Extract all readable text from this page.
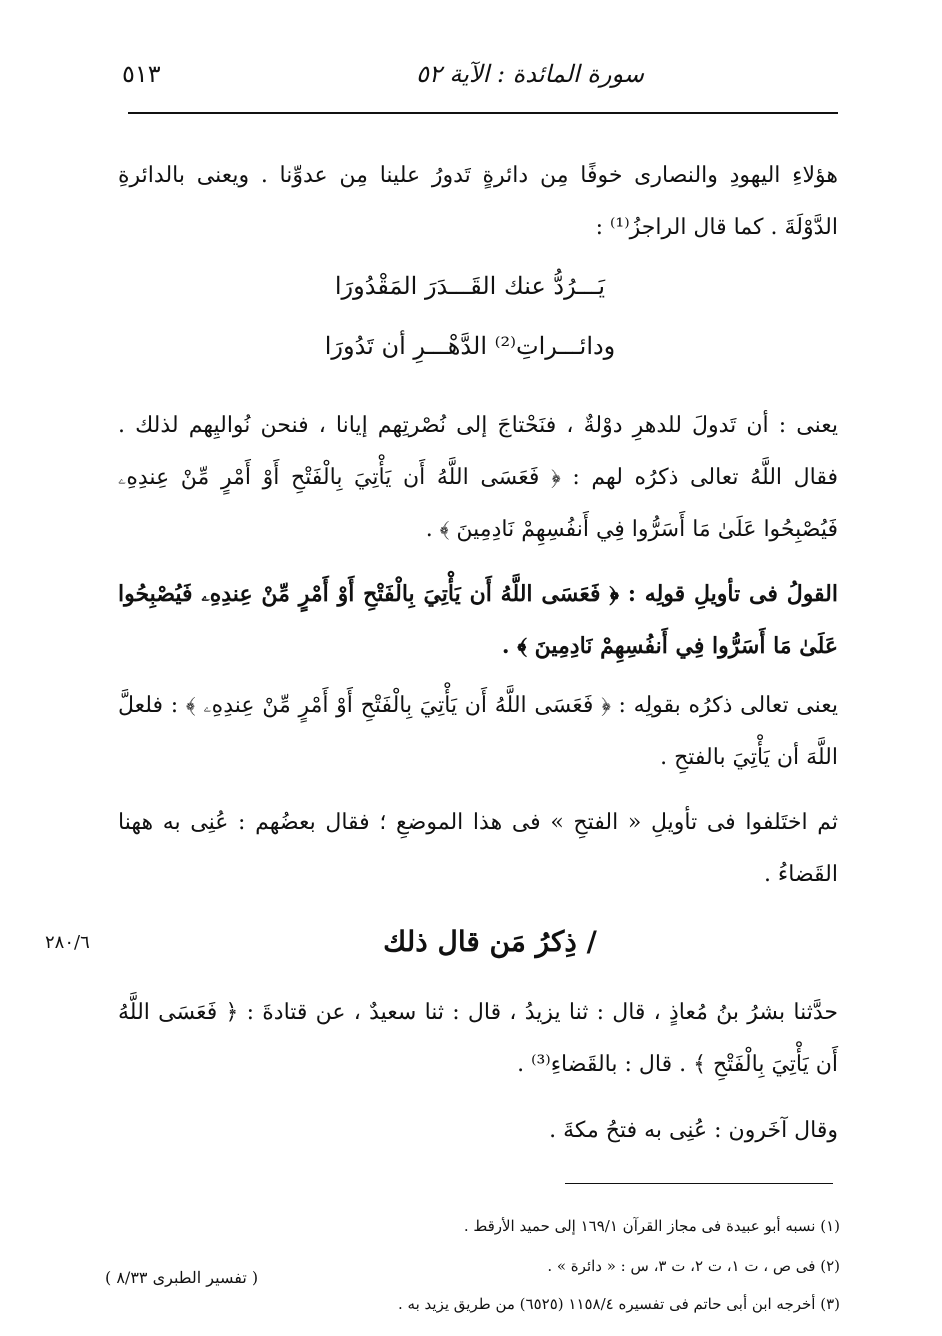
٥١٣	سورة المائدة : الآية ٥٢
هؤلاءِ اليهودِ والنصارى خوفًا مِن دائرةٍ تَدورُ علينا مِن عدوِّنا . ويعنى بالدائرةِ الدَّوْلَةَ . كما قال الراجزُ⁽¹⁾ :
يَـــرُدُّ عنك القَـــدَرَ المَقْدُورَا
ودائـــراتِ⁽²⁾ الدَّهْـــرِ أن تَدُورَا
يعنى : أن تَدولَ للدهرِ دوْلةٌ ، فنَحْتاجَ إلى نُصْرتِهم إيانا ، فنحن نُواليِهم لذلك . فقال اللَّهُ تعالى ذكرُه لهم : ﴿ فَعَسَى اللَّهُ أَن يَأْتِيَ بِالْفَتْحِ أَوْ أَمْرٍ مِّنْ عِندِهِۦ فَيُصْبِحُوا عَلَىٰ مَا أَسَرُّوا فِي أَنفُسِهِمْ نَادِمِينَ ﴾ .
القولُ فى تأويلِ قولِه : ﴿ فَعَسَى اللَّهُ أَن يَأْتِيَ بِالْفَتْحِ أَوْ أَمْرٍ مِّنْ عِندِهِۦ فَيُصْبِحُوا عَلَىٰ مَا أَسَرُّوا فِي أَنفُسِهِمْ نَادِمِينَ ﴾ .
يعنى تعالى ذكرُه بقولِه : ﴿ فَعَسَى اللَّهُ أَن يَأْتِيَ بِالْفَتْحِ أَوْ أَمْرٍ مِّنْ عِندِهِۦ ﴾ : فلعلَّ اللَّهَ أن يَأْتِيَ بالفتحِ .
ثم اختَلفوا فى تأويلِ « الفتحِ » فى هذا الموضعِ ؛ فقال بعضُهم : عُنِى به ههنا القَضاءُ .
/ ذِكرُ مَن قال ذلك
٢٨٠/٦
حدَّثنا بشرُ بنُ مُعاذٍ ، قال : ثنا يزيدُ ، قال : ثنا سعيدٌ ، عن قتادةَ : ﴿ فَعَسَى اللَّهُ أَن يَأْتِيَ بِالْفَتْحِ ﴾ . قال : بالقَضاءِ⁽³⁾ .
وقال آخَرون : عُنِى به فتحُ مكةَ .
(١) نسبه أبو عبيدة فى مجاز القرآن ١٦٩/١ إلى حميد الأرقط .
(٢) فى ص ، ت ١، ت ٢، ت ٣، س : « دائرة » .
(٣) أخرجه ابن أبى حاتم فى تفسيره ١١٥٨/٤ (٦٥٢٥) من طريق يزيد به .
( تفسير الطبرى ٨/٣٣ )
